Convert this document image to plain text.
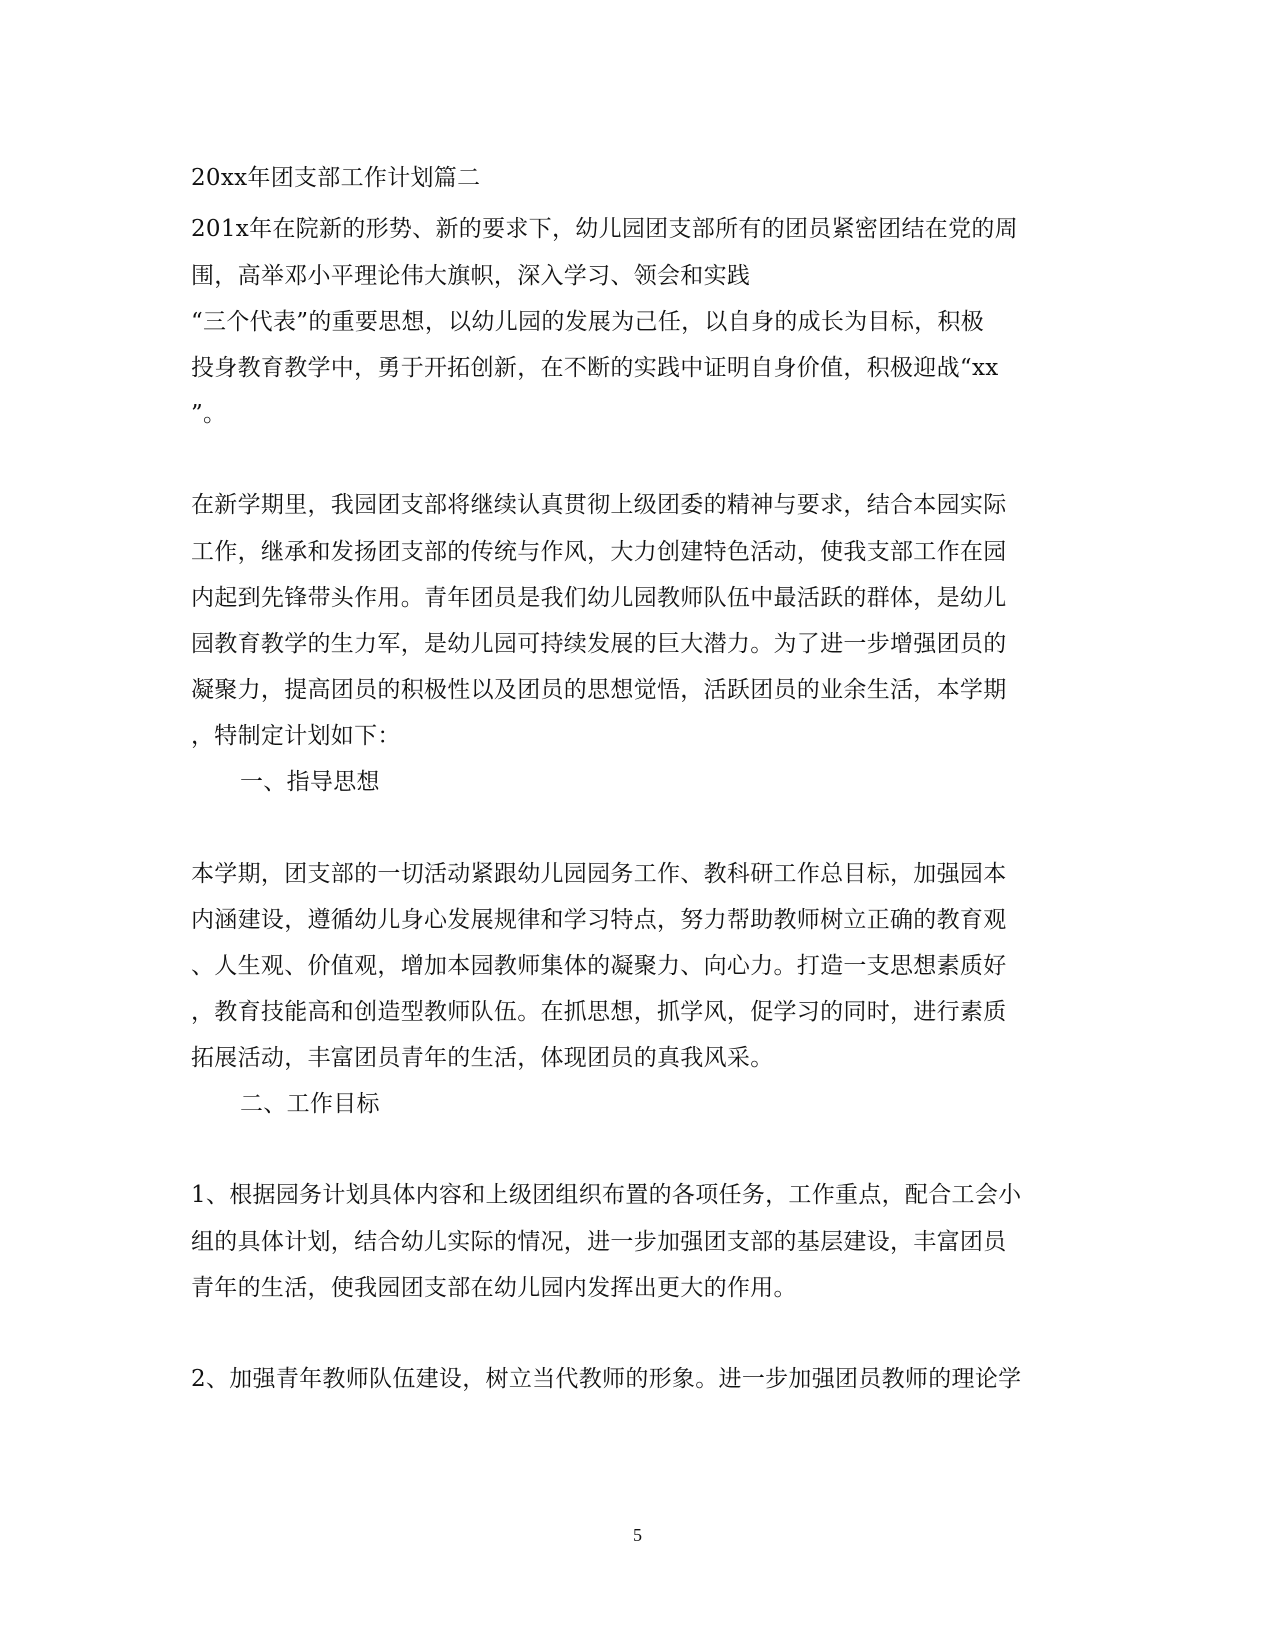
20xx年团支部工作计划篇二
201x年在院新的形势、新的要求下，幼儿园团支部所有的团员紧密团结在党的周
围，高举邓小平理论伟大旗帜，深入学习、领会和实践
“三个代表”的重要思想，以幼儿园的发展为己任，以自身的成长为目标，积极
投身教育教学中，勇于开拓创新，在不断的实践中证明自身价值，积极迎战“xx
”。
在新学期里，我园团支部将继续认真贯彻上级团委的精神与要求，结合本园实际
工作，继承和发扬团支部的传统与作风，大力创建特色活动，使我支部工作在园
内起到先锋带头作用。青年团员是我们幼儿园教师队伍中最活跃的群体，是幼儿
园教育教学的生力军，是幼儿园可持续发展的巨大潜力。为了进一步增强团员的
凝聚力，提高团员的积极性以及团员的思想觉悟，活跃团员的业余生活，本学期
，特制定计划如下：
一、指导思想
本学期，团支部的一切活动紧跟幼儿园园务工作、教科研工作总目标，加强园本
内涵建设，遵循幼儿身心发展规律和学习特点，努力帮助教师树立正确的教育观
、人生观、价值观，增加本园教师集体的凝聚力、向心力。打造一支思想素质好
，教育技能高和创造型教师队伍。在抓思想，抓学风，促学习的同时，进行素质
拓展活动，丰富团员青年的生活，体现团员的真我风采。
二、工作目标
1、根据园务计划具体内容和上级团组织布置的各项任务，工作重点，配合工会小
组的具体计划，结合幼儿实际的情况，进一步加强团支部的基层建设，丰富团员
青年的生活，使我园团支部在幼儿园内发挥出更大的作用。
2、加强青年教师队伍建设，树立当代教师的形象。进一步加强团员教师的理论学
5
